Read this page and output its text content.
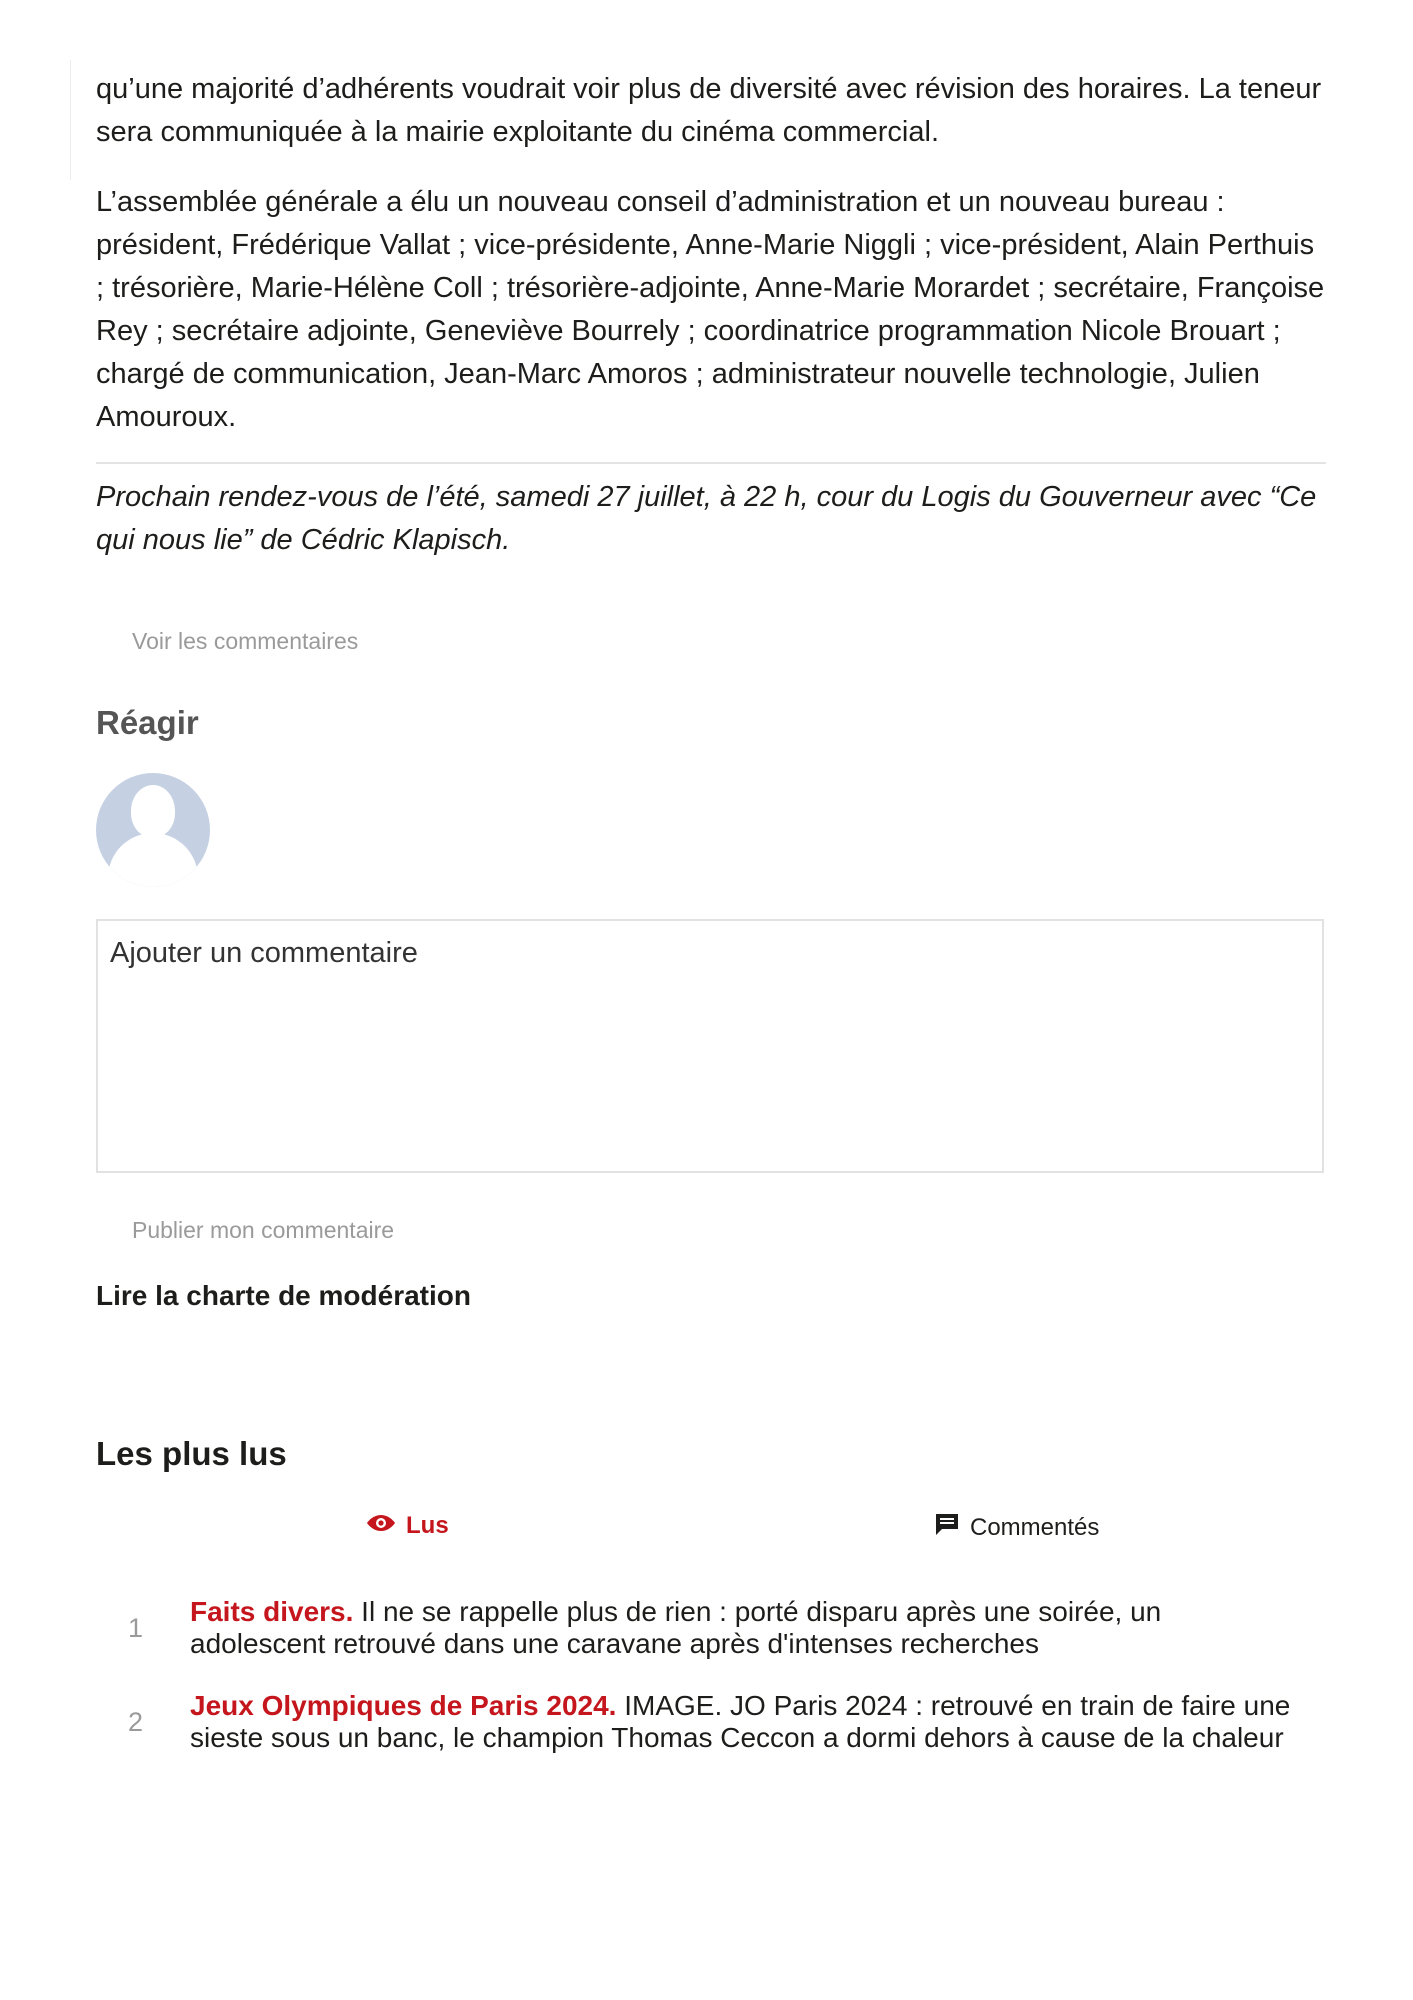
qu’une majorité d’adhérents voudrait voir plus de diversité avec révision des horaires. La teneur sera communiquée à la mairie exploitante du cinéma commercial.

L’assemblée générale a élu un nouveau conseil d’administration et un nouveau bureau : président, Frédérique Vallat ; vice-présidente, Anne-Marie Niggli ; vice-président, Alain Perthuis ; trésorière, Marie-Hélène Coll ; trésorière-adjointe, Anne-Marie Morardet ; secrétaire, Françoise Rey ; secrétaire adjointe, Geneviève Bourrely ; coordinatrice programmation Nicole Brouart ; chargé de communication, Jean-Marc Amoros ; administrateur nouvelle technologie, Julien Amouroux.

Prochain rendez-vous de l’été, samedi 27 juillet, à 22 h, cour du Logis du Gouverneur avec “Ce qui nous lie” de Cédric Klapisch.

Voir les commentaires
Réagir
Ajouter un commentaire
Publier mon commentaire
Lire la charte de modération
Les plus lus
Lus	Commentés
1
Faits divers. Il ne se rappelle plus de rien : porté disparu après une soirée, un adolescent retrouvé dans une caravane après d'intenses recherches
2
Jeux Olympiques de Paris 2024. IMAGE. JO Paris 2024 : retrouvé en train de faire une sieste sous un banc, le champion Thomas Ceccon a dormi dehors à cause de la chaleur
